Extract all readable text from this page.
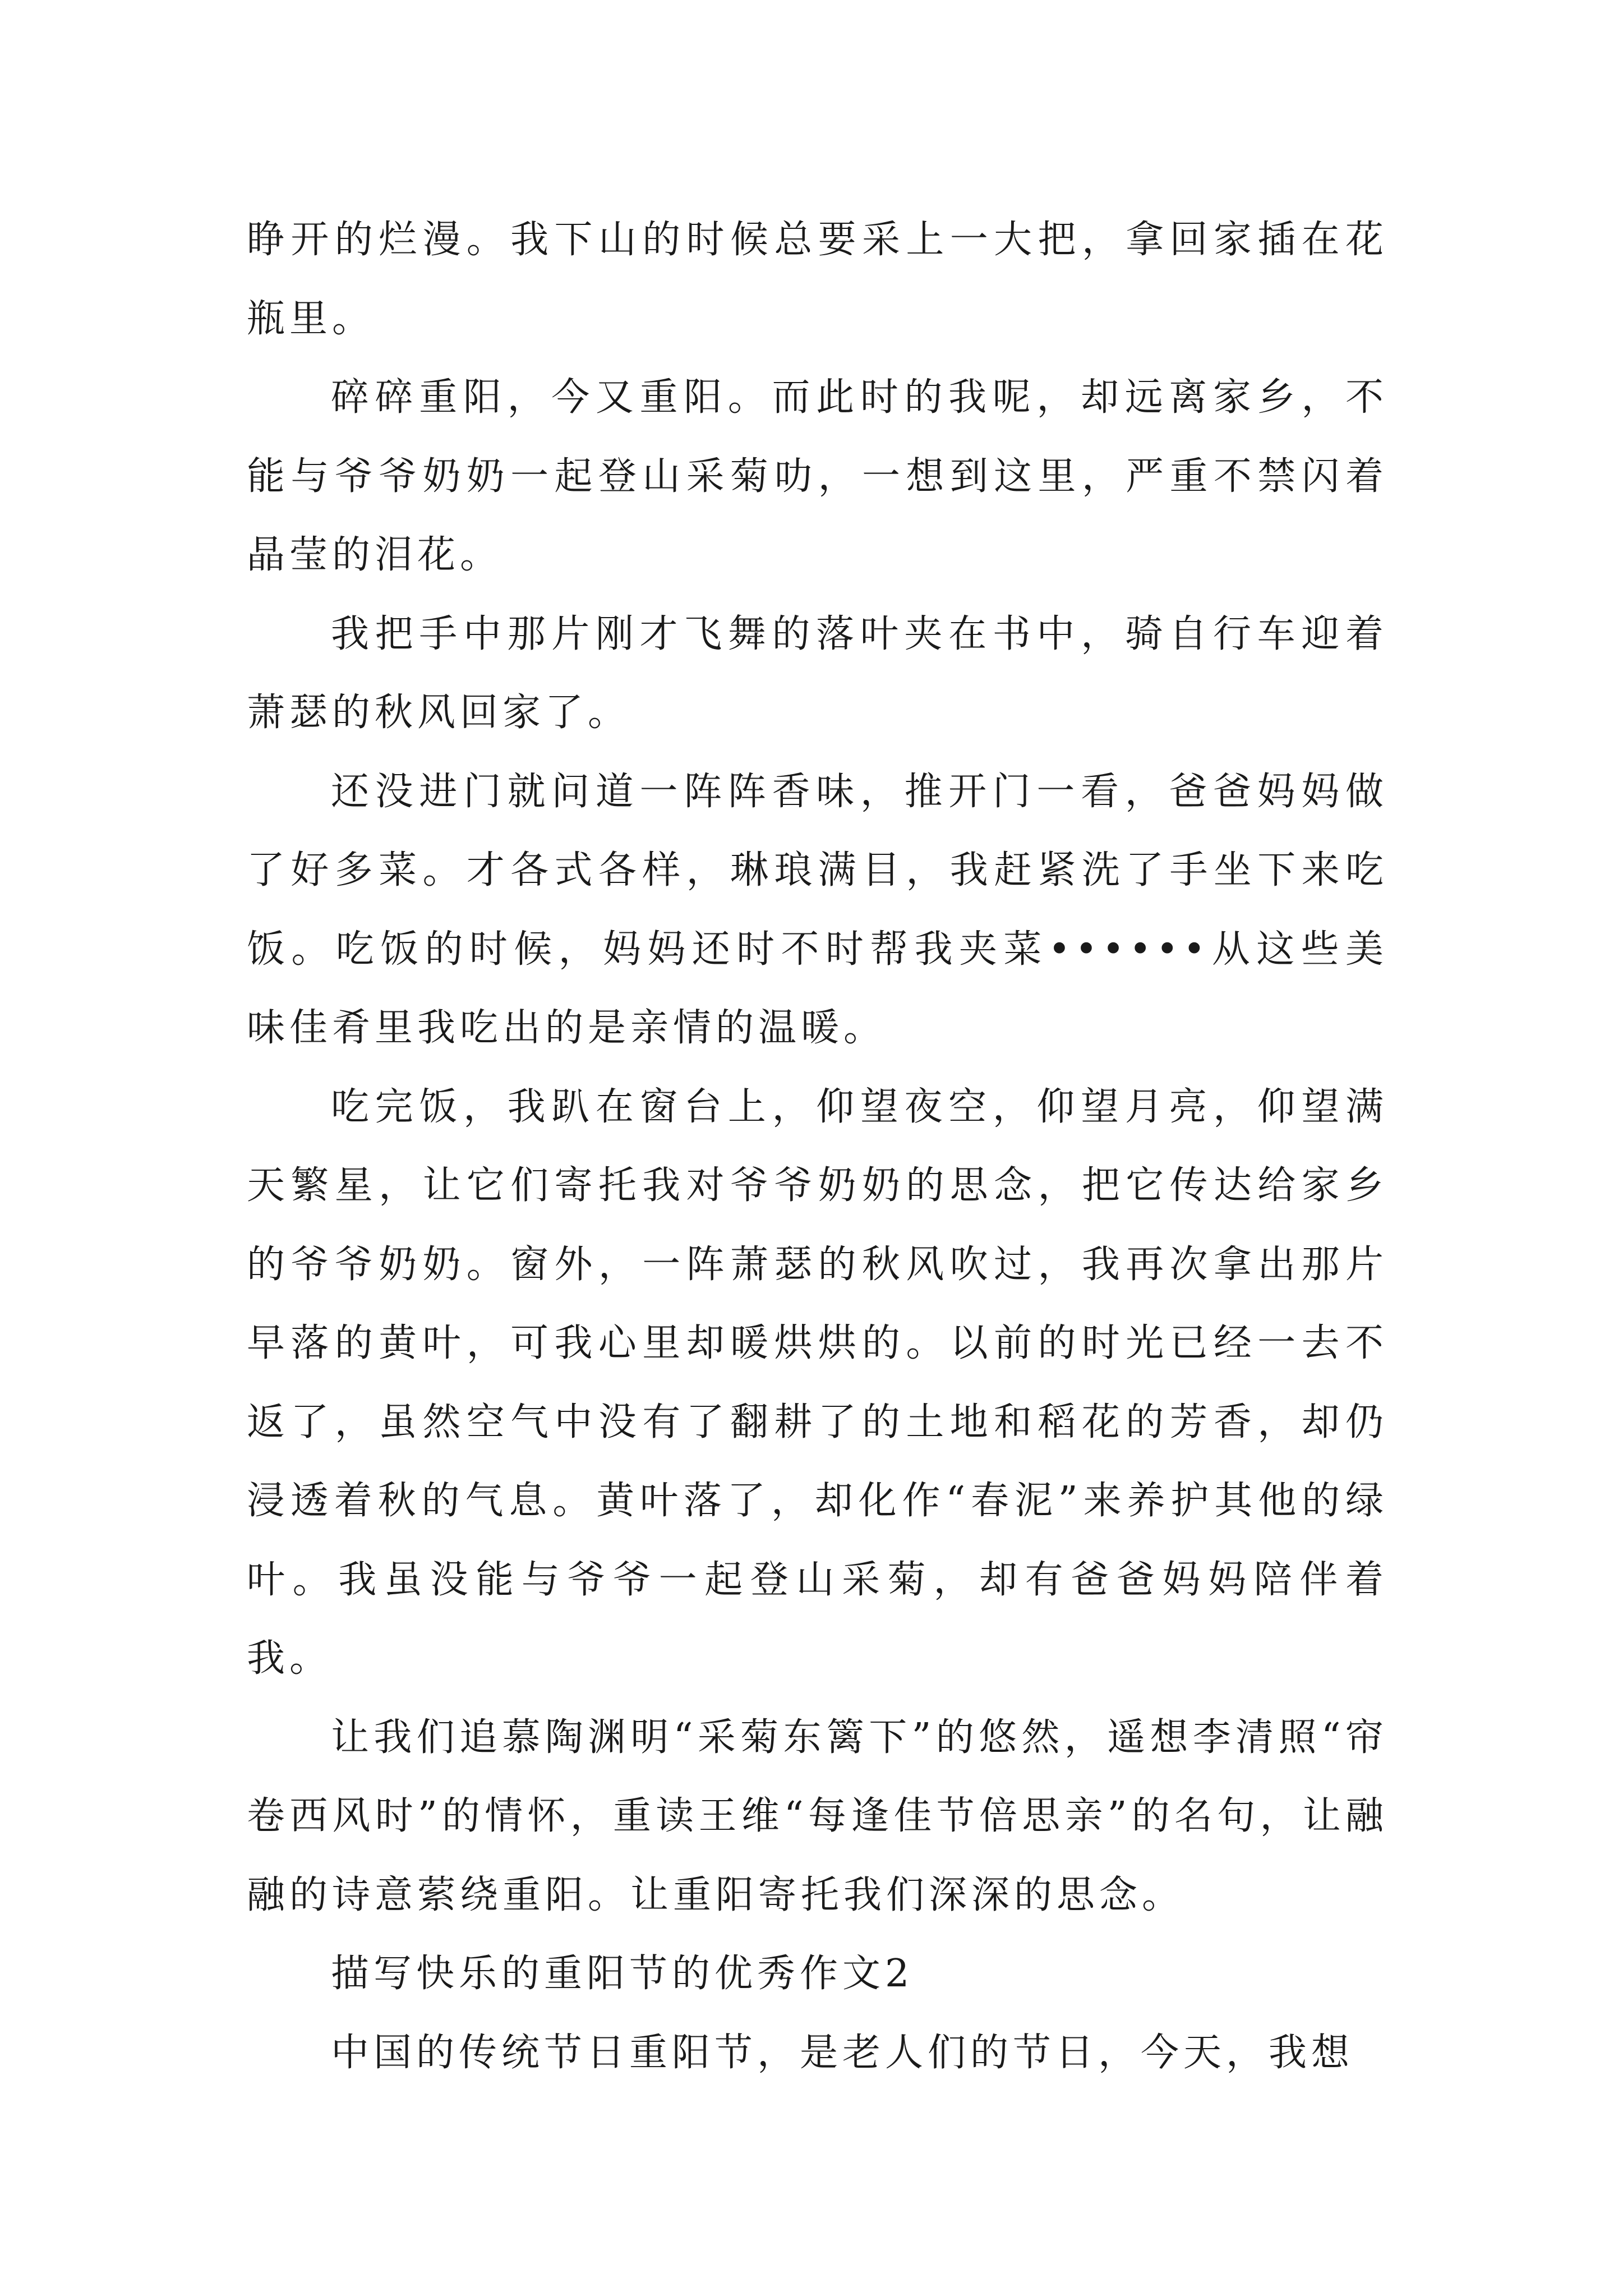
睁开的烂漫。我下山的时候总要采上一大把，拿回家插在花瓶里。

碎碎重阳，今又重阳。而此时的我呢，却远离家乡，不能与爷爷奶奶一起登山采菊叻，一想到这里，严重不禁闪着晶莹的泪花。

我把手中那片刚才飞舞的落叶夹在书中，骑自行车迎着萧瑟的秋风回家了。

还没进门就问道一阵阵香味，推开门一看，爸爸妈妈做了好多菜。才各式各样，琳琅满目，我赶紧洗了手坐下来吃饭。吃饭的时候，妈妈还时不时帮我夹菜••••••从这些美味佳肴里我吃出的是亲情的温暖。

吃完饭，我趴在窗台上，仰望夜空，仰望月亮，仰望满天繁星，让它们寄托我对爷爷奶奶的思念，把它传达给家乡的爷爷奶奶。窗外，一阵萧瑟的秋风吹过，我再次拿出那片早落的黄叶，可我心里却暖烘烘的。以前的时光已经一去不返了，虽然空气中没有了翻耕了的土地和稻花的芳香，却仍浸透着秋的气息。黄叶落了，却化作“春泥”来养护其他的绿叶。我虽没能与爷爷一起登山采菊，却有爸爸妈妈陪伴着我。

让我们追慕陶渊明“采菊东篱下”的悠然，遥想李清照“帘卷西风时”的情怀，重读王维“每逢佳节倍思亲”的名句，让融融的诗意萦绕重阳。让重阳寄托我们深深的思念。

描写快乐的重阳节的优秀作文2

中国的传统节日重阳节，是老人们的节日，今天，我想
